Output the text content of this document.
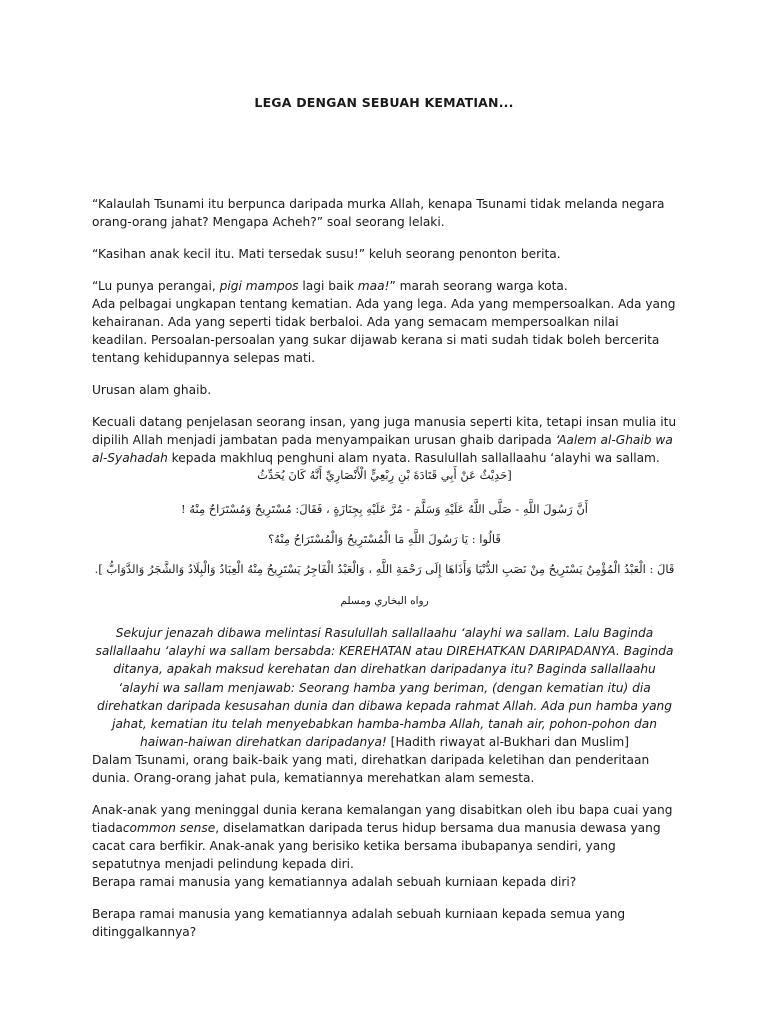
LEGA DENGAN SEBUAH KEMATIAN...

“Kalaulah Tsunami itu berpunca daripada murka Allah, kenapa Tsunami tidak melanda negara orang-orang jahat? Mengapa Acheh?” soal seorang lelaki.

“Kasihan anak kecil itu. Mati tersedak susu!” keluh seorang penonton berita.

“Lu punya perangai, pigi mampos lagi baik maa!” marah seorang warga kota.

Ada pelbagai ungkapan tentang kematian. Ada yang lega. Ada yang mempersoalkan. Ada yang kehairanan. Ada yang seperti tidak berbaloi. Ada yang semacam mempersoalkan nilai keadilan. Persoalan-persoalan yang sukar dijawab kerana si mati sudah tidak boleh bercerita tentang kehidupannya selepas mati.

Urusan alam ghaib.

Kecuali datang penjelasan seorang insan, yang juga manusia seperti kita, tetapi insan mulia itu dipilih Allah menjadi jambatan pada menyampaikan urusan ghaib daripada ‘Aalem al-Ghaib wa al-Syahadah kepada makhluq penghuni alam nyata. Rasulullah sallallaahu ‘alayhi wa sallam.

[حَدِيْثٌ عَنْ أَبِي قَتَادَةَ بْنِ رِبْعِيٍّ الْأَنْصَارِيِّ أَنَّهُ كَانَ يُحَدِّثُ

أَنَّ رَسُولَ اللَّهِ - صَلَّى اللَّهُ عَلَيْهِ وَسَلَّمَ - مُرَّ عَلَيْهِ بِجِنَازَةٍ ، فَقَالَ: مُسْتَرِيحٌ وَمُسْتَرَاحٌ مِنْهُ !

قَالُوا : يَا رَسُولَ اللَّهِ مَا الْمُسْتَرِيحُ وَالْمُسْتَرَاحُ مِنْهُ؟

قَالَ : الْعَبْدُ الْمُؤْمِنُ يَسْتَرِيحُ مِنْ نَصَبِ الدُّنْيَا وَأَذَاهَا إِلَى رَحْمَةِ اللَّهِ ، وَالْعَبْدُ الْفَاجِرُ يَسْتَرِيحُ مِنْهُ الْعِبَادُ وَالْبِلَادُ وَالشَّجَرُ وَالدَّوَابُّ ].

رواه البخاري ومسلم

Sekujur jenazah dibawa melintasi Rasulullah sallallaahu ‘alayhi wa sallam. Lalu Baginda sallallaahu ‘alayhi wa sallam bersabda: KEREHATAN atau DIREHATKAN DARIPADANYA. Baginda ditanya, apakah maksud kerehatan dan direhatkan daripadanya itu? Baginda sallallaahu ‘alayhi wa sallam menjawab: Seorang hamba yang beriman, (dengan kematian itu) dia direhatkan daripada kesusahan dunia dan dibawa kepada rahmat Allah. Ada pun hamba yang jahat, kematian itu telah menyebabkan hamba-hamba Allah, tanah air, pohon-pohon dan haiwan-haiwan direhatkan daripadanya! [Hadith riwayat al-Bukhari dan Muslim]

Dalam Tsunami, orang baik-baik yang mati, direhatkan daripada keletihan dan penderitaan dunia. Orang-orang jahat pula, kematiannya merehatkan alam semesta.

Anak-anak yang meninggal dunia kerana kemalangan yang disabitkan oleh ibu bapa cuai yang tiadacommon sense, diselamatkan daripada terus hidup bersama dua manusia dewasa yang cacat cara berfikir. Anak-anak yang berisiko ketika bersama ibubapanya sendiri, yang sepatutnya menjadi pelindung kepada diri.

Berapa ramai manusia yang kematiannya adalah sebuah kurniaan kepada diri?

Berapa ramai manusia yang kematiannya adalah sebuah kurniaan kepada semua yang ditinggalkannya?
